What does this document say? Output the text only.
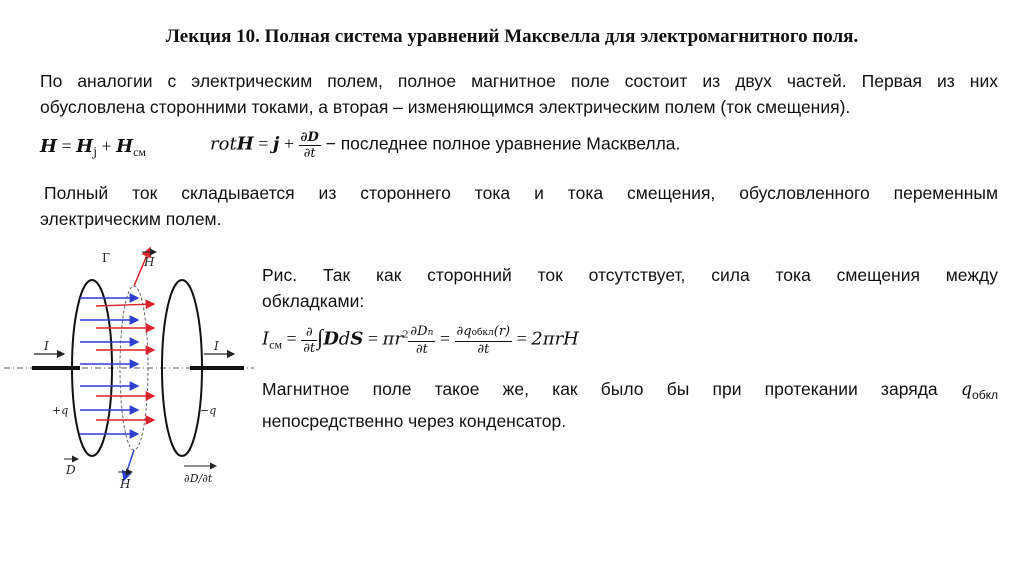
Лекция 10. Полная система уравнений Максвелла для электромагнитного поля.
По аналогии с электрическим полем, полное магнитное поле состоит из двух частей. Первая из них
обусловлена сторонними токами, а вторая – изменяющимся электрическим полем (ток смещения).
$H = H_j + H_{см}$	rotH = $j + \frac{\partial D}{\partial t}$ − последнее полное уравнение Масквелла.
Полный ток складывается из стороннего тока и тока смещения, обусловленного переменным
электрическим полем.
Рис. Так как сторонний ток отсутствует, сила тока смещения между
обкладками:
$I_{см} = \frac{\partial}{\partial t} \int DdS = \pi r^2 \frac{\partial Dn}{\partial t} = \frac{\text{∂qобкл(r)}}{\partial t} = 2\pi rH$
Магнитное поле такое же, как было бы при протекании заряда $q_{обкл}$
непосредственно через конденсатор.
Г	H
I	I
+q	−q
D
H	∂D/∂t
